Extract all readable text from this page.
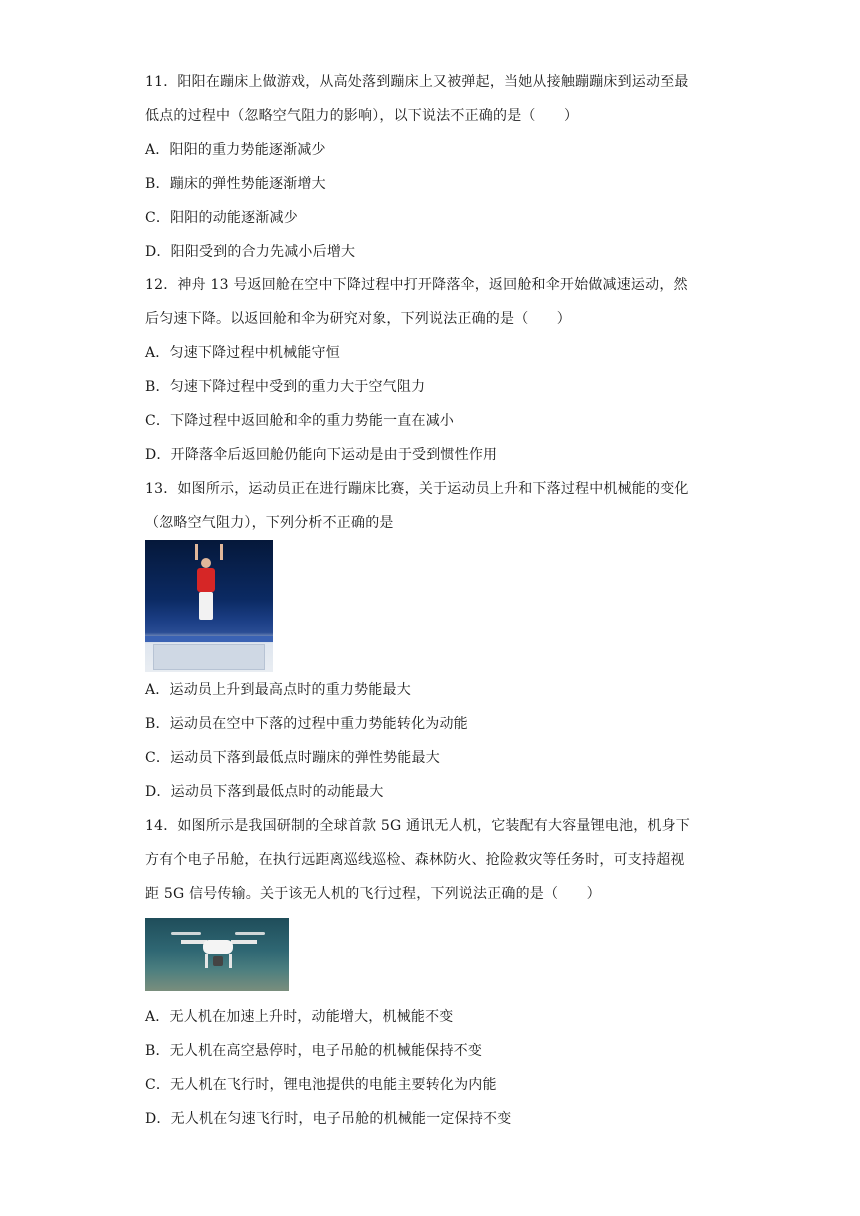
11．阳阳在蹦床上做游戏，从高处落到蹦床上又被弹起，当她从接触蹦蹦床到运动至最
低点的过程中（忽略空气阻力的影响），以下说法不正确的是（　　）
A．阳阳的重力势能逐渐减少
B．蹦床的弹性势能逐渐增大
C．阳阳的动能逐渐减少
D．阳阳受到的合力先减小后增大
12．神舟 13 号返回舱在空中下降过程中打开降落伞，返回舱和伞开始做减速运动，然
后匀速下降。以返回舱和伞为研究对象，下列说法正确的是（　　）
A．匀速下降过程中机械能守恒
B．匀速下降过程中受到的重力大于空气阻力
C．下降过程中返回舱和伞的重力势能一直在减小
D．开降落伞后返回舱仍能向下运动是由于受到惯性作用
13．如图所示，运动员正在进行蹦床比赛，关于运动员上升和下落过程中机械能的变化
（忽略空气阻力），下列分析不正确的是
A．运动员上升到最高点时的重力势能最大
B．运动员在空中下落的过程中重力势能转化为动能
C．运动员下落到最低点时蹦床的弹性势能最大
D．运动员下落到最低点时的动能最大
14．如图所示是我国研制的全球首款 5G 通讯无人机，它装配有大容量锂电池，机身下
方有个电子吊舱，在执行远距离巡线巡检、森林防火、抢险救灾等任务时，可支持超视
距 5G 信号传输。关于该无人机的飞行过程，下列说法正确的是（　　）
A．无人机在加速上升时，动能增大，机械能不变
B．无人机在高空悬停时，电子吊舱的机械能保持不变
C．无人机在飞行时，锂电池提供的电能主要转化为内能
D．无人机在匀速飞行时，电子吊舱的机械能一定保持不变
